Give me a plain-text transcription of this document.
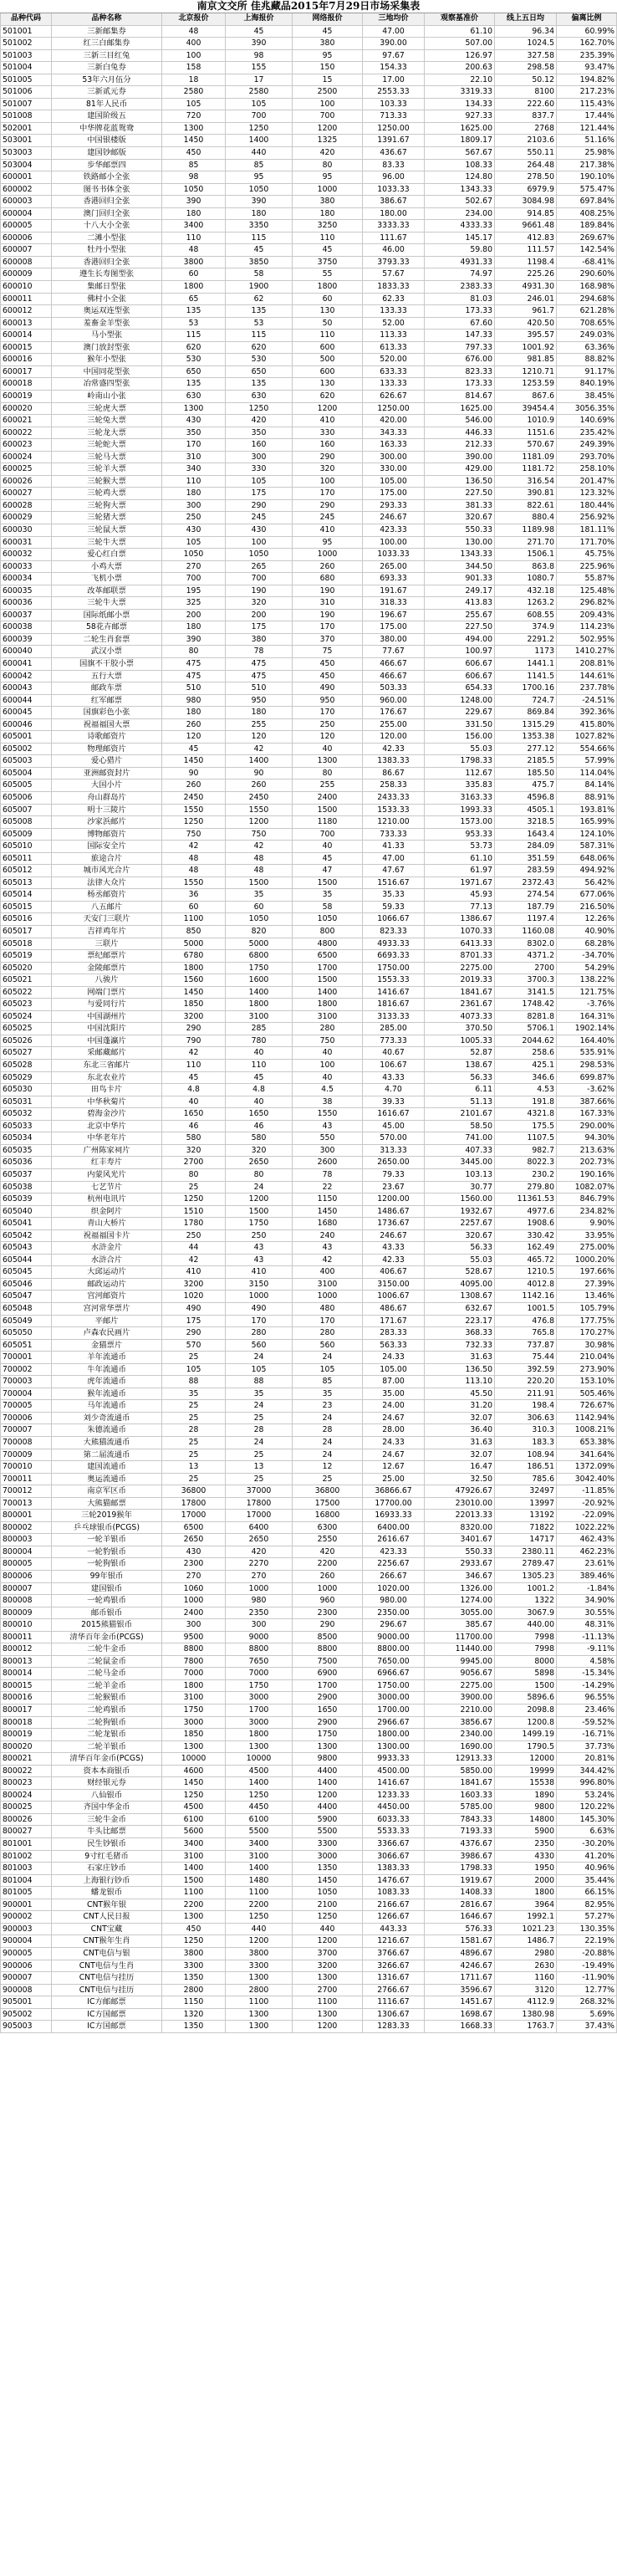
南京文交所 佳兆藏品2015年7月29日市场采集表
品种代码	品种名称	北京报价	上海报价	网络报价	三地均价	观察基准价	线上五日均	偏离比例
501001	三新邮集券	48	45	45	47.00	61.10	96.34	60.99%
501002	红三白邮集券	400	390	380	390.00	507.00	1024.5	162.70%
501003	三新三目红兔	100	98	95	97.67	126.97	327.58	235.39%
501004	三新白兔券	158	155	150	154.33	200.63	298.58	93.47%
501005	53年六月伍分	18	17	15	17.00	22.10	50.12	194.82%
501006	三新贰元券	2580	2580	2500	2553.33	3319.33	8100	217.23%
501007	81年人民币	105	105	100	103.33	134.33	222.60	115.43%
501008	建国阶级五	720	700	700	713.33	927.33	837.7	17.44%
502001	中华牌花蓝鸳鸯	1300	1250	1200	1250.00	1625.00	2768	121.44%
503001	中国银楼版	1450	1400	1325	1391.67	1809.17	2103.6	51.16%
503003	建国钞邮版	450	440	420	436.67	567.67	550.11	25.98%
503004	步华邮票四	85	85	80	83.33	108.33	264.48	217.38%
600001	铁路邮小全张	98	95	95	96.00	124.80	278.50	190.10%
600002	图书书体全张	1050	1050	1000	1033.33	1343.33	6979.9	575.47%
600003	香港回归全张	390	390	380	386.67	502.67	3084.98	697.84%
600004	澳门回归全张	180	180	180	180.00	234.00	914.85	408.25%
600005	十八大小全张	3400	3350	3250	3333.33	4333.33	9661.48	189.84%
600006	二滩小型张	110	115	110	111.67	145.17	412.83	269.67%
600007	牡丹小型张	48	45	45	46.00	59.80	111.57	142.54%
600008	香港回归全张	3800	3850	3750	3793.33	4931.33	1198.4	-68.41%
600009	遵生长寿图型张	60	58	55	57.67	74.97	225.26	290.60%
600010	集邮日型张	1800	1900	1800	1833.33	2383.33	4931.30	168.98%
600011	佛村小全张	65	62	60	62.33	81.03	246.01	294.68%
600012	奥运双连型张	135	135	130	133.33	173.33	961.7	621.28%
600013	羞畜金羊型张	53	53	50	52.00	67.60	420.50	708.65%
600014	马小型张	115	115	110	113.33	147.33	395.57	249.03%
600015	澳门放封型张	620	620	600	613.33	797.33	1001.92	63.36%
600016	猴年小型张	530	530	500	520.00	676.00	981.85	88.82%
600017	中国同花型张	650	650	600	633.33	823.33	1210.71	91.17%
600018	冶常盛四型张	135	135	130	133.33	173.33	1253.59	840.19%
600019	岭南山小张	630	630	620	626.67	814.67	867.6	38.45%
600020	三轮虎大票	1300	1250	1200	1250.00	1625.00	39454.4	3056.35%
600021	三轮兔大票	430	420	410	420.00	546.00	1010.9	140.69%
600022	三轮龙大票	350	350	330	343.33	446.33	1151.6	235.42%
600023	三轮蛇大票	170	160	160	163.33	212.33	570.67	249.39%
600024	三轮马大票	310	300	290	300.00	390.00	1181.09	293.70%
600025	三轮羊大票	340	330	320	330.00	429.00	1181.72	258.10%
600026	三轮猴大票	110	105	100	105.00	136.50	316.54	201.47%
600027	三轮鸡大票	180	175	170	175.00	227.50	390.81	123.32%
600028	三轮狗大票	300	290	290	293.33	381.33	822.61	180.44%
600029	三轮猪大票	250	245	245	246.67	320.67	880.4	256.92%
600030	三轮鼠大票	430	430	410	423.33	550.33	1189.98	181.11%
600031	三轮牛大票	105	100	95	100.00	130.00	271.70	171.70%
600032	爱心红白票	1050	1050	1000	1033.33	1343.33	1506.1	45.75%
600033	小鸡大票	270	265	260	265.00	344.50	863.8	225.96%
600034	飞机小票	700	700	680	693.33	901.33	1080.7	55.87%
600035	改革邮联票	195	190	190	191.67	249.17	432.18	125.48%
600036	三轮牛大票	325	320	310	318.33	413.83	1263.2	296.82%
600037	国际纸邮小票	200	200	190	196.67	255.67	608.55	209.43%
600038	58花卉邮票	180	175	170	175.00	227.50	374.9	114.23%
600039	二轮生肖套票	390	380	370	380.00	494.00	2291.2	502.95%
600040	武汉小票	80	78	75	77.67	100.97	1173	1410.27%
600041	国旗不干胶小票	475	475	450	466.67	606.67	1441.1	208.81%
600042	五行大票	475	475	450	466.67	606.67	1141.5	144.61%
600043	邮政车票	510	510	490	503.33	654.33	1700.16	237.78%
600044	红军邮票	980	950	950	960.00	1248.00	724.7	-24.51%
600045	国旗彩色小张	180	180	170	176.67	229.67	869.84	392.36%
600046	祝福福国大票	260	255	250	255.00	331.50	1315.29	415.80%
605001	诗歌邮资片	120	120	120	120.00	156.00	1353.38	1027.82%
605002	物理邮资片	45	42	40	42.33	55.03	277.12	554.66%
605003	爱心猎片	1450	1400	1300	1383.33	1798.33	2185.5	57.99%
605004	亚洲邮资封片	90	90	80	86.67	112.67	185.50	114.04%
605005	大国小片	260	260	255	258.33	335.83	475.7	84.14%
605006	舟山群岛片	2450	2450	2400	2433.33	3163.33	4596.8	88.91%
605007	明十三陵片	1550	1550	1500	1533.33	1993.33	4505.1	193.81%
605008	沙家浜邮片	1250	1200	1180	1210.00	1573.00	3218.5	165.99%
605009	博物邮资片	750	750	700	733.33	953.33	1643.4	124.10%
605010	国际安全片	42	42	40	41.33	53.73	284.09	587.31%
605011	旅途合片	48	48	45	47.00	61.10	351.59	648.06%
605012	城市风光合片	48	48	47	47.67	61.97	283.59	494.92%
605013	法律大众片	1550	1500	1500	1516.67	1971.67	2372.43	56.42%
605014	杨丞邮资片	36	35	35	35.33	45.93	274.54	677.06%
605015	八五邮片	60	60	58	59.33	77.13	187.79	216.50%
605016	天安门三联片	1100	1050	1050	1066.67	1386.67	1197.4	12.26%
605017	吉祥鸡年片	850	820	800	823.33	1070.33	1160.08	40.90%
605018	三联片	5000	5000	4800	4933.33	6413.33	8302.0	68.28%
605019	票纪邮票片	6780	6800	6500	6693.33	8701.33	4371.2	-34.70%
605020	金陵邮票片	1800	1750	1700	1750.00	2275.00	2700	54.29%
605021	八骏片	1560	1600	1500	1553.33	2019.33	3700.3	138.22%
605022	网端门票片	1450	1400	1400	1416.67	1841.67	3141.5	121.75%
605023	与爱同行片	1850	1800	1800	1816.67	2361.67	1748.42	-3.76%
605024	中国湖州片	3200	3100	3100	3133.33	4073.33	8281.8	164.31%
605025	中国沈阳片	290	285	280	285.00	370.50	5706.1	1902.14%
605026	中国蓬瀛片	790	780	750	773.33	1005.33	2044.62	164.40%
605027	采邮藏邮片	42	40	40	40.67	52.87	258.6	535.91%
605028	东北三省邮片	110	110	100	106.67	138.67	425.1	298.53%
605029	东北农业片	45	45	40	43.33	56.33	346.6	699.87%
605030	田鸟卡片	4.8	4.8	4.5	4.70	6.11	4.53	-3.62%
605031	中华秋菊片	40	40	38	39.33	51.13	191.8	387.66%
605032	碧海金沙片	1650	1650	1550	1616.67	2101.67	4321.8	167.33%
605033	北京中华片	46	46	43	45.00	58.50	175.5	290.00%
605034	中华老年片	580	580	550	570.00	741.00	1107.5	94.30%
605035	广州陈家祠片	320	320	300	313.33	407.33	982.7	213.63%
605036	红丰寿片	2700	2650	2600	2650.00	3445.00	8022.3	202.73%
605037	内蒙风光片	80	80	78	79.33	103.13	230.2	190.16%
605038	七艺节片	25	24	22	23.67	30.77	279.80	1082.07%
605039	杭州电讯片	1250	1200	1150	1200.00	1560.00	11361.53	846.79%
605040	织金阿片	1510	1500	1450	1486.67	1932.67	4977.6	234.82%
605041	青山大桥片	1780	1750	1680	1736.67	2257.67	1908.6	9.90%
605042	祝福福国卡片	250	250	240	246.67	320.67	330.42	33.95%
605043	水浒金片	44	43	43	43.33	56.33	162.49	275.00%
605044	水浒合片	42	43	42	42.33	55.03	465.72	1000.20%
605045	大邱运动片	410	410	400	406.67	528.67	1210.5	197.66%
605046	邮政运动片	3200	3150	3100	3150.00	4095.00	4012.8	27.39%
605047	宫河邮资片	1020	1000	1000	1006.67	1308.67	1142.16	13.46%
605048	宫河常华票片	490	490	480	486.67	632.67	1001.5	105.79%
605049	平邮片	175	170	170	171.67	223.17	476.8	177.75%
605050	卢森农民画片	290	280	280	283.33	368.33	765.8	170.27%
605051	金猫票片	570	560	560	563.33	732.33	737.87	30.98%
700001	羊年流通币	25	24	24	24.33	31.63	75.44	210.04%
700002	牛年流通币	105	105	105	105.00	136.50	392.59	273.90%
700003	虎年流通币	88	88	85	87.00	113.10	220.20	153.10%
700004	猴年流通币	35	35	35	35.00	45.50	211.91	505.46%
700005	马年流通币	25	24	23	24.00	31.20	198.4	726.67%
700006	刘少奇流通币	25	25	24	24.67	32.07	306.63	1142.94%
700007	朱德流通币	28	28	28	28.00	36.40	310.3	1008.21%
700008	大熊猫流通币	25	24	24	24.33	31.63	183.3	653.38%
700009	第二届流通币	25	25	24	24.67	32.07	108.94	341.64%
700010	建国流通币	13	13	12	12.67	16.47	186.51	1372.09%
700011	奥运流通币	25	25	25	25.00	32.50	785.6	3042.40%
700012	南京军区币	36800	37000	36800	36866.67	47926.67	32497	-11.85%
700013	大熊猫邮票	17800	17800	17500	17700.00	23010.00	13997	-20.92%
800001	三轮2019猴年	17000	17000	16800	16933.33	22013.33	13192	-22.09%
800002	乒乓球银币(PCGS)	6500	6400	6300	6400.00	8320.00	71822	1022.22%
800003	一轮羊银币	2650	2650	2550	2616.67	3401.67	14717	462.43%
800004	一轮豹银币	430	420	420	423.33	550.33	2380.11	462.23%
800005	一轮狗银币	2300	2270	2200	2256.67	2933.67	2789.47	23.61%
800006	99年银币	270	270	260	266.67	346.67	1305.23	389.46%
800007	建国银币	1060	1000	1000	1020.00	1326.00	1001.2	-1.84%
800008	一轮鸡银币	1000	980	960	980.00	1274.00	1322	34.90%
800009	邮币银币	2400	2350	2300	2350.00	3055.00	3067.9	30.55%
800010	2015熊猫银币	300	300	290	296.67	385.67	440.00	48.31%
800011	清华百年金币(PCGS)	9500	9000	8500	9000.00	11700.00	7998	-11.13%
800012	二轮牛金币	8800	8800	8800	8800.00	11440.00	7998	-9.11%
800013	二轮鼠金币	7800	7650	7500	7650.00	9945.00	8000	4.58%
800014	二轮马金币	7000	7000	6900	6966.67	9056.67	5898	-15.34%
800015	二轮羊金币	1800	1750	1700	1750.00	2275.00	1500	-14.29%
800016	二轮猴银币	3100	3000	2900	3000.00	3900.00	5896.6	96.55%
800017	二轮鸡银币	1750	1700	1650	1700.00	2210.00	2098.8	23.46%
800018	二轮狗银币	3000	3000	2900	2966.67	3856.67	1200.8	-59.52%
800019	二轮龙银币	1850	1800	1750	1800.00	2340.00	1499.19	-16.71%
800020	二轮羊银币	1300	1300	1300	1300.00	1690.00	1790.5	37.73%
800021	清华百年金币(PCGS)	10000	10000	9800	9933.33	12913.33	12000	20.81%
800022	资本本商银币	4600	4500	4400	4500.00	5850.00	19999	344.42%
800023	财经银元券	1450	1400	1400	1416.67	1841.67	15538	996.80%
800024	八仙银币	1250	1250	1200	1233.33	1603.33	1890	53.24%
800025	齐国中华金币	4500	4450	4400	4450.00	5785.00	9800	120.22%
800026	三轮牛金币	6100	6100	5900	6033.33	7843.33	14800	145.30%
800027	牛头比邮票	5600	5500	5500	5533.33	7193.33	5900	6.63%
801001	民生钞银币	3400	3400	3300	3366.67	4376.67	2350	-30.20%
801002	9寸红毛猪币	3100	3100	3000	3066.67	3986.67	4330	41.20%
801003	石家庄钞币	1400	1400	1350	1383.33	1798.33	1950	40.96%
801004	上海银行钞币	1500	1480	1450	1476.67	1919.67	2000	35.44%
801005	蟠龙银币	1100	1100	1050	1083.33	1408.33	1800	66.15%
900001	CNT猴年银	2200	2200	2100	2166.67	2816.67	3964	82.95%
900002	CNT人民日报	1300	1250	1250	1266.67	1646.67	1992.1	57.27%
900003	CNT宝藏	450	440	440	443.33	576.33	1021.23	130.35%
900004	CNT猴年生肖	1250	1200	1200	1216.67	1581.67	1486.7	22.19%
900005	CNT电信与银	3800	3800	3700	3766.67	4896.67	2980	-20.88%
900006	CNT电信与生肖	3300	3300	3200	3266.67	4246.67	2630	-19.49%
900007	CNT电信与挂历	1350	1300	1300	1316.67	1711.67	1160	-11.90%
900008	CNT电信与挂历	2800	2800	2700	2766.67	3596.67	3120	12.77%
905001	IC方邮邮票	1150	1100	1100	1116.67	1451.67	4112.9	268.32%
905002	IC方国邮票	1320	1300	1300	1306.67	1698.67	1380.98	5.69%
905003	IC方国邮票	1350	1300	1200	1283.33	1668.33	1763.7	37.43%
